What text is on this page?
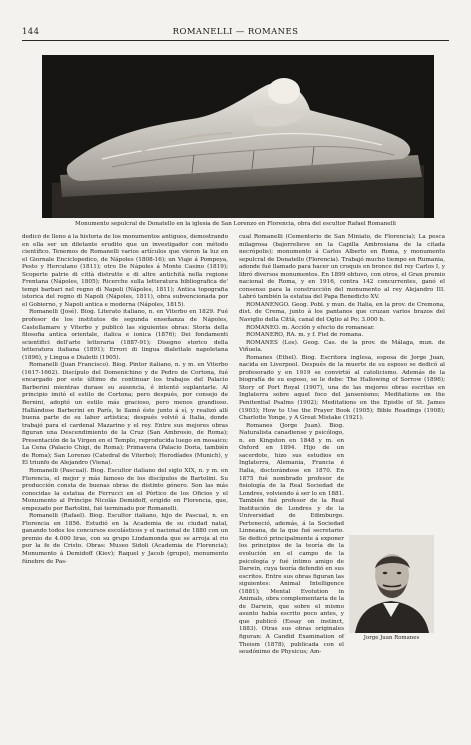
144	ROMANELLI — ROMANES
Monumento sepulcral de Donatello en la iglesia de San Lorenzo en Florencia, obra del escultor Rafael Romanelli

dedicó de lleno á la historia de los monumentos antiguos, demostrando en ella ser un diletante erudito que un investigador con método científico. Tenemos de Romanelli varios artículos que vieron la luz en el Giornale Enciclopedico, de Nápoles (1808-16); un Viaje á Pompeya, Pesto y Herculano (1811); otro De Nápoles á Monte Casino (1819); Scoperte patrie di città distrutte e di altre antichità nella regione Frentana (Nápoles, 1805); Ricerche sulla letteratura bibliografica de' tempi barbari nel regno di Napoli (Nápoles, 1811); Antica topografia istorica del regno di Napoli (Nápoles, 1811), obra subvencionada por el Gobierno, y Napoli antica e moderna (Nápoles, 1815).

Romanelli (José). Biog. Literato italiano, n. en Viterbo en 1829. Fué profesor de los institutos de segunda enseñanza de Nápoles, Castellamare y Viterbo y publicó las siguientes obras: Storia della filosofia antica orientale, italica e ionica (1876); Dei fondamenti scientifici dell'arte letteraria (1887-91); Disegno storico della letteratura italiana (1891); Errori di lingua dialettale napoletana (1896), y Lingua e Dialetti (1905).

Romanelli (Juan Francisco). Biog. Pintor italiano, n. y m. en Viterbo (1617-1662). Discípulo del Domenichino y de Pedro de Cortona, fué encargado por este último de continuar los trabajos del Palacio Barberini mientras durase su ausencia, é intentó suplantarle. Al principio imitó el estilo de Cortona; pero después, por consejo de Bernini, adoptó un estilo más gracioso, pero menos grandioso. Hallándose Barberini en París, le llamó éste junto á sí, y realizó allí buena parte de su labor artística; después volvió á Italia, donde trabajó para el cardenal Mazarino y el rey. Entre sus mejores obras figuran una Descendimiento de la Cruz (San Ambrosio, de Roma); Presentación de la Virgen en el Templo, reproducida luego en mosaico; La Cena (Palacio Chigi, de Roma); Primavera (Palacio Doria, también de Roma); San Lorenzo (Catedral de Viterbo); Herodíades (Munich), y El triunfo de Alejandro (Viena).

Romanelli (Pascual). Biog. Escultor italiano del siglo XIX, n. y m. en Florencia, el mejor y más famoso de los discípulos de Bartolini. Su producción consta de buenas obras de distinto género. Son las más conocidas la estatua de Ferrucci en el Pórtico de los Oficios y el Monumento al Príncipe Nicolás Demidoff, erigido en Florencia, que, empezado por Bartolini, fué terminado por Romanelli.

Romanelli (Rafael). Biog. Escultor italiano, hijo de Pascual, n. en Florencia en 1856. Estudió en la Academia de su ciudad natal, ganando todos los concursos escolásticos y el nacional de 1880 con un premio de 4.000 liras, con su grupo Lindamonda que se arroja al rio por la fe de Cristo. Obras: Museo Sidoli (Academia de Florencia); Monumento á Demidoff (Kiev); Raquel y Jacob (grupo), monumento fúnebre de Pas-

cual Romanelli (Cementerio de San Miniato, de Florencia); La pesca milagrosa (bajorrelieve en la Capilla Ambrosiana de la citada necrópolis); monumento á Carlos Alberto en Roma, y monumento sepulcral de Donatello (Florencia). Trabajó mucho tiempo en Rumania, adonde fué llamado para hacer un croquis en bronce del rey Carlos I, y libró diversos monumentos. En 1899 obtuvo, con otros, el Gran premio nacional de Roma, y en 1916, contra 142 concurrentes, ganó el consenso para la construcción del monumento al rey Alejandro III. Labró también la estatua del Papa Benedicto XV.

ROMANENGO. Geog. Pobl. y mun. de Italia, en la prov. de Cremona, dist. de Crema, junto á los pantanos que cruzan varios brazos del Naviglio della Città, canal del Oglio al Po; 3.000 h.

ROMANEO. m. Acción y efecto de romanear.

ROMANERO, RA. m. y f. Fiel de romana.

ROMANES (Los). Geog. Cas. de la prov. de Málaga, mun. de Viñuela.

Romanes (Ethel). Biog. Escritora inglesa, esposa de Jorge Juan, nacida en Liverpool. Después de la muerte de su esposo se dedicó al profesorado y en 1919 se convirtió al catolicismo. Además de la biografía de su esposo, se le debe: The Hallowing of Sorrow (1896); Story of Port Royal (1907), una de las mejores obras escritas en Inglaterra sobre aquel foco del jansenismo; Meditations on the Penitential Psalms (1902); Meditations on the Epistle of St. James (1903); How to Use the Prayer Book (1905); Bible Readings (1908); Charlotte Yonge, y A Great Mistake (1921).

Romanes (Jorge Juan). Biog. Naturalista canadiense y psicólogo, n. en Kingston en 1848 y m. en Oxford en 1894. Hijo de un sacerdote, hizo sus estudios en Inglaterra, Alemania, Francia é Italia, doctorándose en 1870. En 1875 fué nombrado profesor de fisiología de la Real Sociedad de Londres, volviendo á ser lo en 1881. También fué profesor de la Real Institución de Londres y de la Universidad de Edimburgo. Perteneció, además, á la Sociedad Linneana, de la que fué secretario. Se dedicó principalmente á exponer los principios de la teoría de la evolución en el campo de la psicología y fué íntimo amigo de Darwin, cuya teoría defendió en sus escritos. Entre sus obras figuran las siguientes: Animal Intelligence (1881); Mental Evolution in Animals, obra complementaria de la de Darwin, que sobre el mismo asunto había escrito poco antes, y que publicó (Essay on instinct, 1883). Otras sus obras originales figuran: A Candid Examination of Theism (1878), publicada con el seudónimo de Physicus; Am-

Jorge Juan Romanes
